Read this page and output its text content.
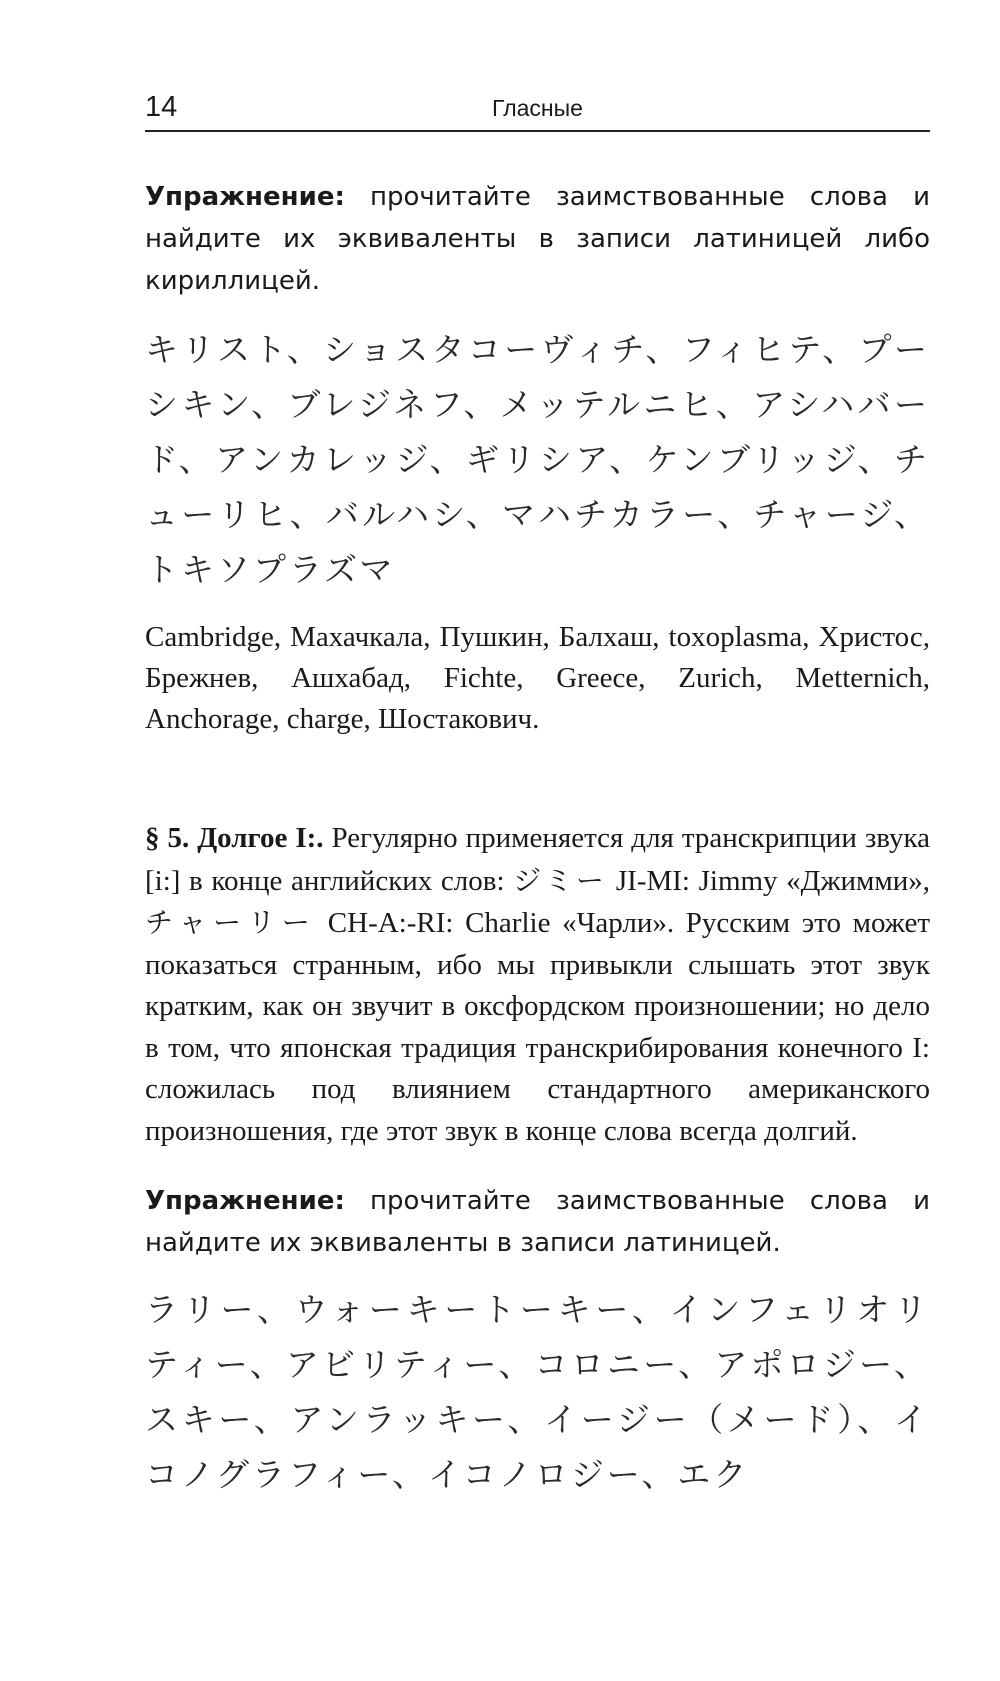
14	Гласные

Упражнение: прочитайте заимствованные слова и найдите их эквиваленты в записи латиницей либо кириллицей.

キリスト、ショスタコーヴィチ、フィヒテ、プーシキン、ブレジネフ、メッテルニヒ、アシハバード、アンカレッジ、ギリシア、ケンブリッジ、チューリヒ、バルハシ、マハチカラー、チャージ、トキソプラズマ
Cambridge, Махачкала, Пушкин, Балхаш, toxoplasma, Христос, Брежнев, Ашхабад, Fichte, Greece, Zurich, Metternich, Anchorage, charge, Шостакович.
§ 5. Долгое I:. Регулярно применяется для транскрипции звука [i:] в конце английских слов: ジミー JI-MI: Jimmy «Джимми», チャーリー CH-A:-RI: Charlie «Чарли». Русским это может показаться странным, ибо мы привыкли слышать этот звук кратким, как он звучит в оксфордском произношении; но дело в том, что японская традиция транскрибирования конечного I: сложилась под влиянием стандартного американского произношения, где этот звук в конце слова всегда долгий.

Упражнение: прочитайте заимствованные слова и найдите их эквиваленты в записи латиницей.

ラリー、ウォーキートーキー、インフェリオリティー、アビリティー、コロニー、アポロジー、スキー、アンラッキー、イージー（メード）、イコノグラフィー、イコノロジー、エク
